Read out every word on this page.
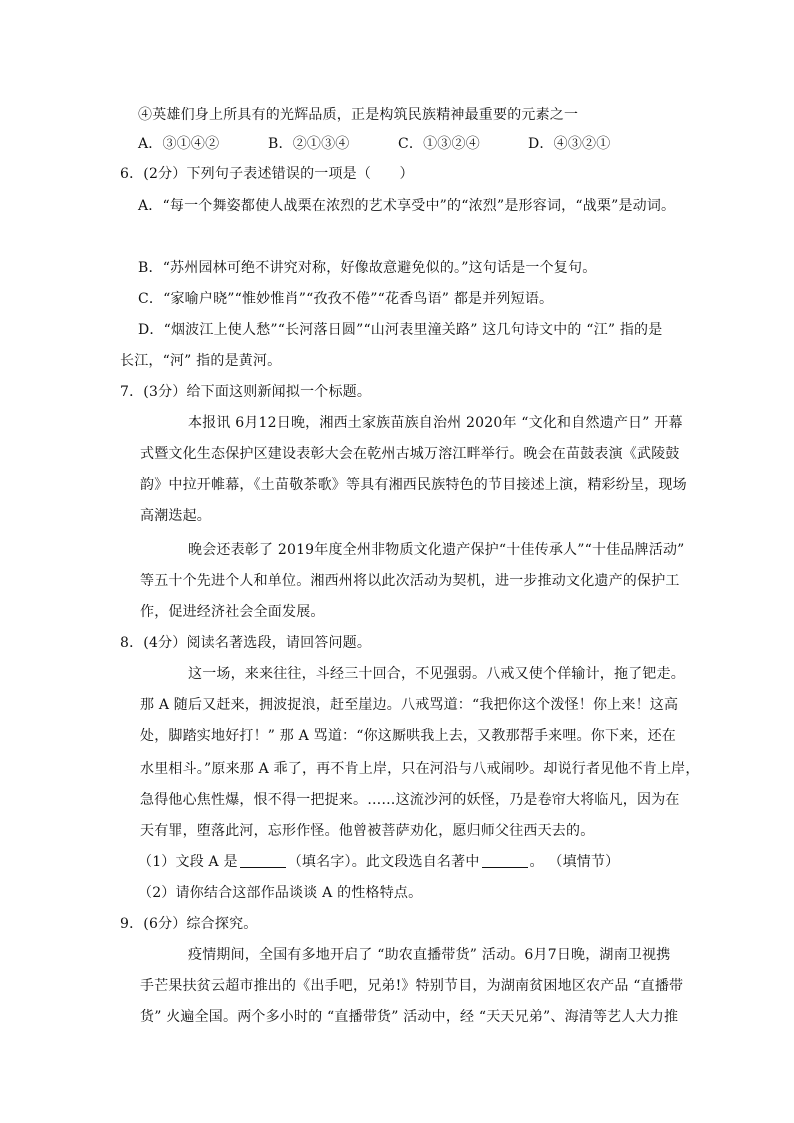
④英雄们身上所具有的光辉品质，正是构筑民族精神最重要的元素之一
A．③①④②	B．②①③④	C．①③②④	D．④③②①
6．(2分）下列句子表述错误的一项是（　　）
A．“每一个舞姿都使人战栗在浓烈的艺术享受中”的“浓烈”是形容词，“战栗”是动词。
B．“苏州园林可绝不讲究对称，好像故意避免似的。”这句话是一个复句。
C．“家喻户晓”“惟妙惟肖”“孜孜不倦”“花香鸟语” 都是并列短语。
D．“烟波江上使人愁”“长河落日圆”“山河表里潼关路” 这几句诗文中的 “江” 指的是
长江，“河” 指的是黄河。
7．(3分）给下面这则新闻拟一个标题。
本报讯 6月12日晚，湘西土家族苗族自治州 2020年 “文化和自然遗产日” 开幕
式暨文化生态保护区建设表彰大会在乾州古城万溶江畔举行。晚会在苗鼓表演《武陵鼓
韵》中拉开帷幕，《土苗敬茶歌》等具有湘西民族特色的节目接述上演，精彩纷呈，现场
高潮迭起。
晚会还表彰了 2019年度全州非物质文化遗产保护“十佳传承人”“十佳品牌活动”
等五十个先进个人和单位。湘西州将以此次活动为契机，进一步推动文化遗产的保护工
作，促进经济社会全面发展。
8．(4分）阅读名著选段，请回答问题。
这一场，来来往往，斗经三十回合，不见强弱。八戒又使个佯输计，拖了钯走。
那 A 随后又赶来，拥波捉浪，赶至崖边。八戒骂道：“我把你这个泼怪！你上来！这高
处，脚踏实地好打！” 那 A 骂道：“你这厮哄我上去，又教那帮手来哩。你下来，还在
水里相斗。”原来那 A 乖了，再不肯上岸，只在河沿与八戒闹吵。却说行者见他不肯上岸，
急得他心焦性爆，恨不得一把捉来。……这流沙河的妖怪，乃是卷帘大将临凡，因为在
天有罪，堕落此河，忘形作怪。他曾被菩萨劝化，愿归师父往西天去的。
（1）文段 A 是	（填名字）。此文段选自名著中	。 （填情节）
（2）请你结合这部作品谈谈 A 的性格特点。
9．(6分）综合探究。
疫情期间，全国有多地开启了 “助农直播带货” 活动。6月7日晚，湖南卫视携
手芒果扶贫云超市推出的《出手吧，兄弟!》特别节目，为湖南贫困地区农产品 “直播带
货” 火遍全国。两个多小时的 “直播带货” 活动中，经 “天天兄弟”、海清等艺人大力推
